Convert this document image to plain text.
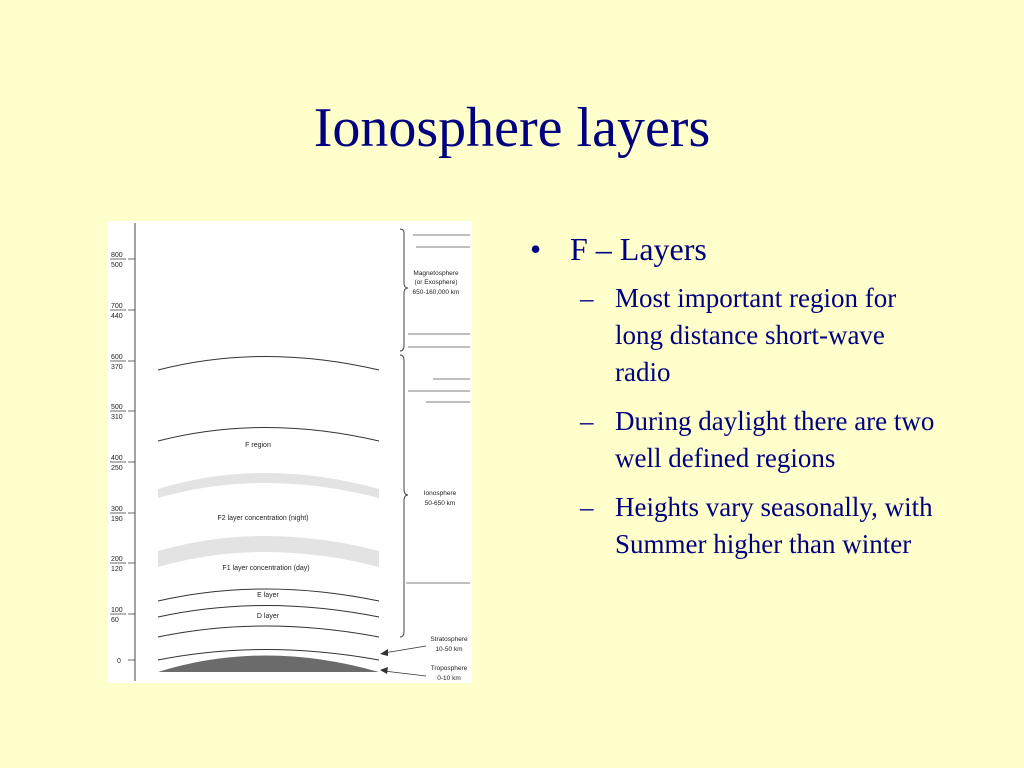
Ionosphere layers
800
500
700
440
600
370
500
310
400
250
300
190
200
120
100
60
0
F region
F2 layer concentration (night)
F1 layer concentration (day)
E layer
D layer
Magnetosphere
(or Exosphere)
650-160,000 km
Ionosphere
50-650 km
Stratosphere
10-50 km
Troposphere
0-10 km
• F – Layers
– Most important region for long distance short-wave radio
– During daylight there are two well defined regions
– Heights vary seasonally, with Summer higher than winter
